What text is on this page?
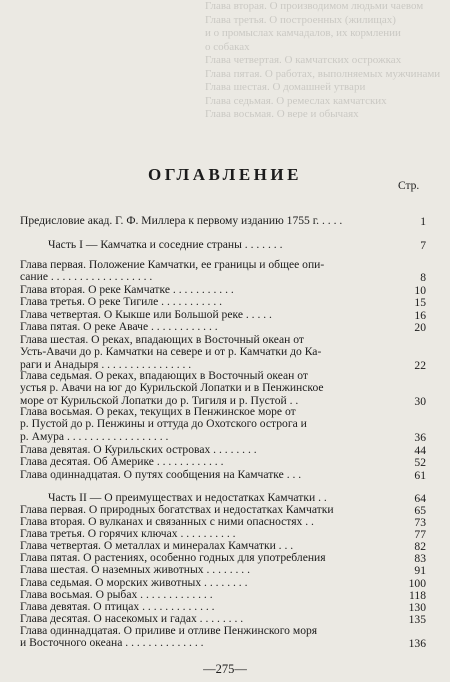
Глава вторая. О производимом людьми чаевом
Глава третья. О построенных (жилищах)
и о промыслах камчадалов, их кормлении
о собаках
Глава четвертая. О камчатских острожках
Глава пятая. О работах, выполняемых мужчинами
Глава шестая. О домашней утвари
Глава седьмая. О ремеслах камчатских
Глава восьмая. О вере и обычаях
ОГЛАВЛЕНИЕ
Стр.
Предисловие акад. Г. Ф. Миллера к первому изданию 1755 г. . . . .	1
Часть I — Камчатка и соседние страны . . . . . . .	7
Глава первая. Положение Камчатки, ее границы и общее опи-
сание . . . . . . . . . . . . . . . . . .	8
Глава вторая. О реке Камчатке . . . . . . . . . . .	10
Глава третья. О реке Тигиле . . . . . . . . . . .	15
Глава четвертая. О Кыкше или Большой реке . . . . .	16
Глава пятая. О реке Аваче . . . . . . . . . . . .	20
Глава шестая. О реках, впадающих в Восточный океан от
Усть-Авачи до р. Камчатки на севере и от р. Камчатки до Ка-
раги и Анадыря . . . . . . . . . . . . . . . .	22
Глава седьмая. О реках, впадающих в Восточный океан от
устья р. Авачи на юг до Курильской Лопатки и в Пенжинское
море от Курильской Лопатки до р. Тигиля и р. Пустой . .	30
Глава восьмая. О реках, текущих в Пенжинское море от
р. Пустой до р. Пенжины и оттуда до Охотского острога и
р. Амура . . . . . . . . . . . . . . . . . .	36
Глава девятая. О Курильских островах . . . . . . . .	44
Глава десятая. Об Америке . . . . . . . . . . . .	52
Глава одиннадцатая. О путях сообщения на Камчатке . . .	61
Часть II — О преимуществах и недостатках Камчатки . .	64
Глава первая. О природных богатствах и недостатках Камчатки	65
Глава вторая. О вулканах и связанных с ними опасностях . .	73
Глава третья. О горячих ключах . . . . . . . . . .	77
Глава четвертая. О металлах и минералах Камчатки . . .	82
Глава пятая. О растениях, особенно годных для употребления	83
Глава шестая. О наземных животных . . . . . . . .	91
Глава седьмая. О морских животных . . . . . . . .	100
Глава восьмая. О рыбах . . . . . . . . . . . . .	118
Глава девятая. О птицах . . . . . . . . . . . . .	130
Глава десятая. О насекомых и гадах . . . . . . . .	135
Глава одиннадцатая. О приливе и отливе Пенжинского моря
и Восточного океана . . . . . . . . . . . . . .	136
—275—
